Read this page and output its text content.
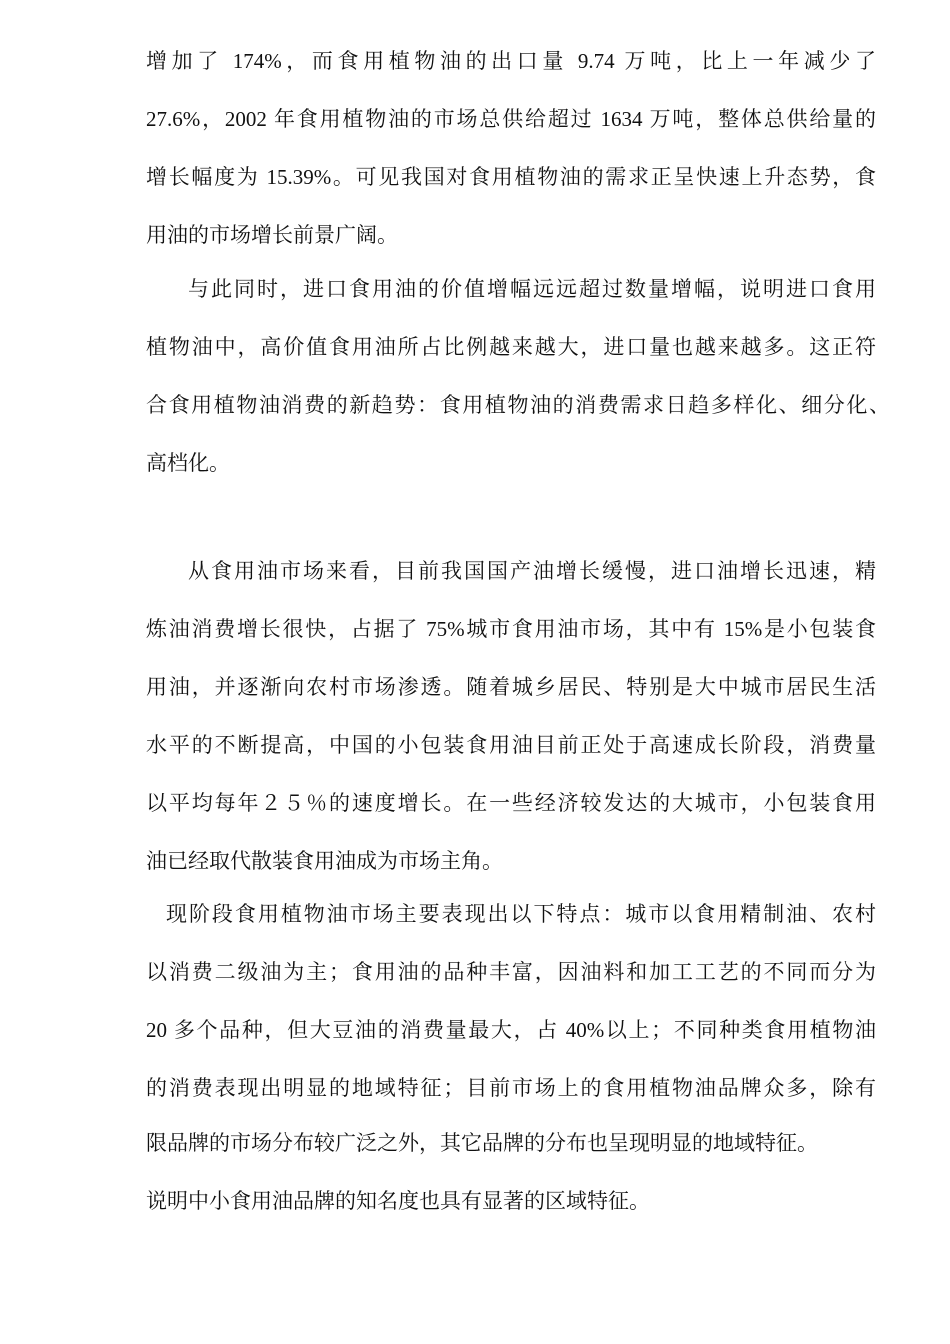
增加了 174%，而食用植物油的出口量 9.74 万吨，比上一年减少了
27.6%，2002 年食用植物油的市场总供给超过 1634 万吨，整体总供给量的
增长幅度为 15.39%。可见我国对食用植物油的需求正呈快速上升态势，食
用油的市场增长前景广阔。
与此同时，进口食用油的价值增幅远远超过数量增幅，说明进口食用
植物油中，高价值食用油所占比例越来越大，进口量也越来越多。这正符
合食用植物油消费的新趋势：食用植物油的消费需求日趋多样化、细分化、
高档化。
从食用油市场来看，目前我国国产油增长缓慢，进口油增长迅速，精
炼油消费增长很快，占据了 75%城市食用油市场，其中有 15%是小包装食
用油，并逐渐向农村市场渗透。随着城乡居民、特别是大中城市居民生活
水平的不断提高，中国的小包装食用油目前正处于高速成长阶段，消费量
以平均每年２５％的速度增长。在一些经济较发达的大城市，小包装食用
油已经取代散装食用油成为市场主角。
现阶段食用植物油市场主要表现出以下特点：城市以食用精制油、农村
以消费二级油为主；食用油的品种丰富，因油料和加工工艺的不同而分为
20 多个品种，但大豆油的消费量最大，占 40%以上；不同种类食用植物油
的消费表现出明显的地域特征；目前市场上的食用植物油品牌众多，除有
限品牌的市场分布较广泛之外，其它品牌的分布也呈现明显的地域特征。
说明中小食用油品牌的知名度也具有显著的区域特征。
